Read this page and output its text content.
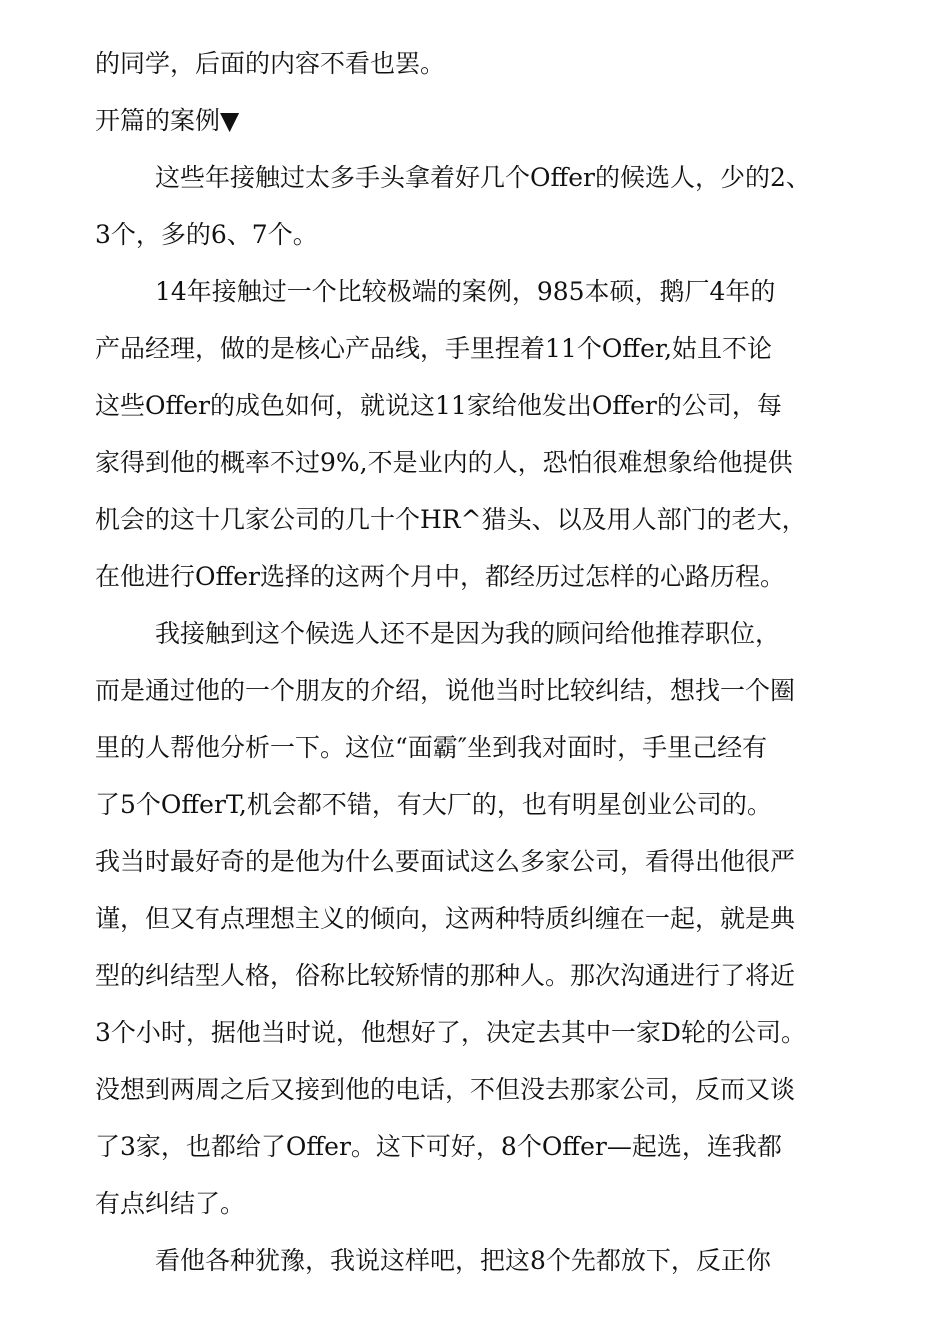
的同学，后面的内容不看也罢。

开篇的案例▼

这些年接触过太多手头拿着好几个Offer的候选人，少的2、

3个，多的6、7个。

14年接触过一个比较极端的案例，985本硕，鹅厂4年的

产品经理，做的是核心产品线，手里捏着11个Offer,姑且不论

这些Offer的成色如何，就说这11家给他发出Offer的公司，每

家得到他的概率不过9%,不是业内的人，恐怕很难想象给他提供

机会的这十几家公司的几十个HR^猎头、以及用人部门的老大，

在他进行Offer选择的这两个月中，都经历过怎样的心路历程。

我接触到这个候选人还不是因为我的顾问给他推荐职位，

而是通过他的一个朋友的介绍，说他当时比较纠结，想找一个圈

里的人帮他分析一下。这位“面霸″坐到我对面时，手里己经有

了5个OfferT,机会都不错，有大厂的，也有明星创业公司的。

我当时最好奇的是他为什么要面试这么多家公司，看得出他很严

谨，但又有点理想主义的倾向，这两种特质纠缠在一起，就是典

型的纠结型人格，俗称比较矫情的那种人。那次沟通进行了将近

3个小时，据他当时说，他想好了，决定去其中一家D轮的公司。

没想到两周之后又接到他的电话，不但没去那家公司，反而又谈

了3家，也都给了Offer。这下可好，8个Offer—起选，连我都

有点纠结了。

看他各种犹豫，我说这样吧，把这8个先都放下，反正你
